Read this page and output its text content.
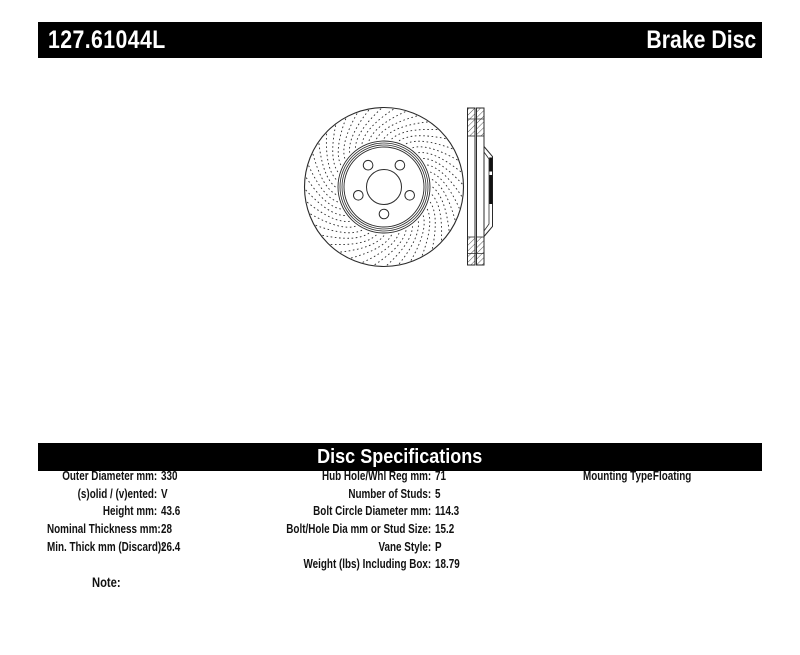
127.61044L	Brake Disc
Disc Specifications
Outer Diameter mm: 330
(s)olid / (v)ented: V
Height mm: 43.6
Nominal Thickness mm: 28
Min. Thick mm (Discard):
26.4
Hub Hole/Whl Reg mm: 71
Number of Studs: 5
Bolt Circle Diameter mm: 114.3
Bolt/Hole Dia mm or Stud Size: 15.2
Vane Style: P
Weight (lbs) Including Box: 18.79
Mounting Type:
Floating
Note:
